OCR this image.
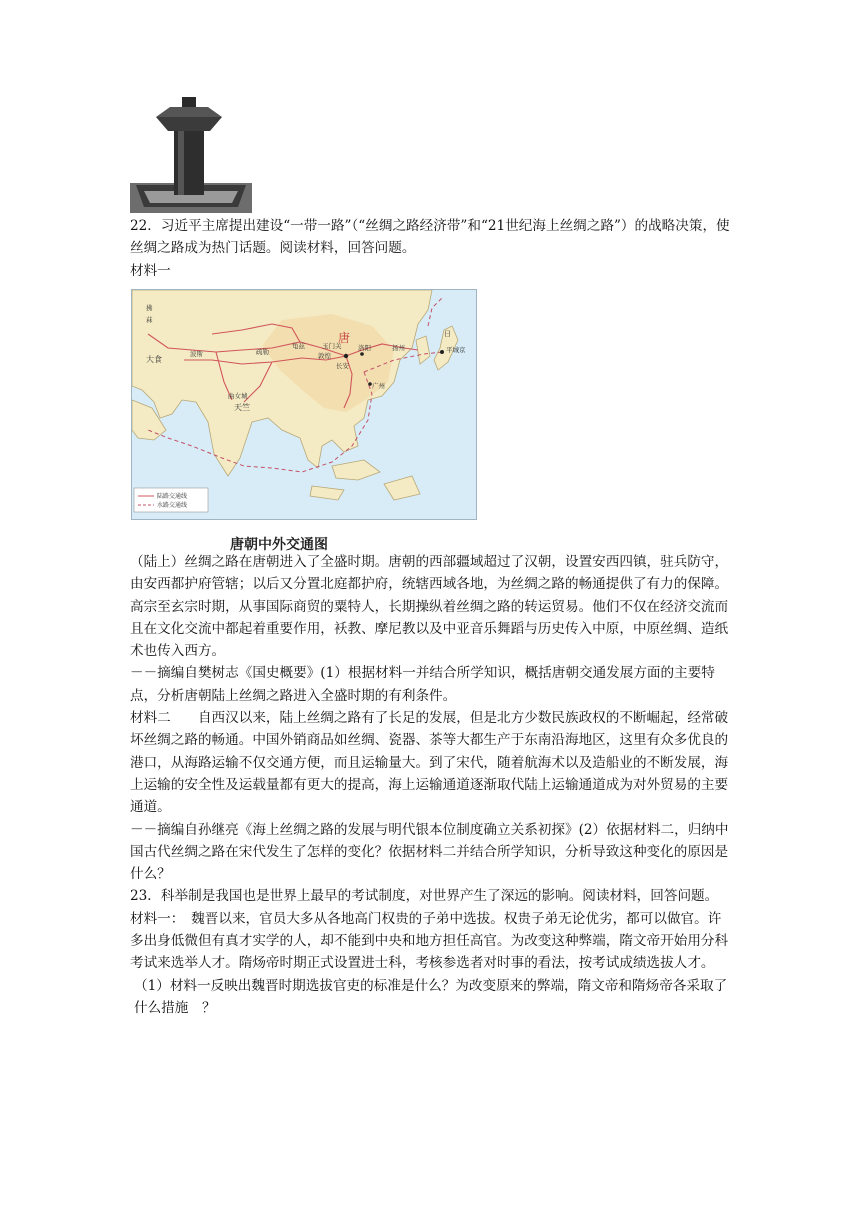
22．习近平主席提出建设“一带一路”（“丝绸之路经济带”和“21世纪海上丝绸之路”）的战略决策，使丝绸之路成为热门话题。阅读材料，回答问题。

材料一

唐
长安
洛阳
敦煌
玉门关
天竺
曲女城
大食
波斯
日
平城京
广州
扬州
龟兹
疏勒
拂
菻
陆路交通线
水路交通线
唐朝中外交通图

（陆上）丝绸之路在唐朝进入了全盛时期。唐朝的西部疆域超过了汉朝，设置安西四镇，驻兵防守，由安西都护府管辖；以后又分置北庭都护府，统辖西域各地，为丝绸之路的畅通提供了有力的保障。高宗至玄宗时期，从事国际商贸的粟特人，长期操纵着丝绸之路的转运贸易。他们不仅在经济交流而且在文化交流中都起着重要作用，袄教、摩尼教以及中亚音乐舞蹈与历史传入中原，中原丝绸、造纸术也传入西方。

－－摘编自樊树志《国史概要》(1）根据材料一并结合所学知识，概括唐朝交通发展方面的主要特点，分析唐朝陆上丝绸之路进入全盛时期的有利条件。

材料二　　自西汉以来，陆上丝绸之路有了长足的发展，但是北方少数民族政权的不断崛起，经常破坏丝绸之路的畅通。中国外销商品如丝绸、瓷器、茶等大都生产于东南沿海地区，这里有众多优良的港口，从海路运输不仅交通方便，而且运输量大。到了宋代，随着航海术以及造船业的不断发展，海上运输的安全性及运载量都有更大的提高，海上运输通道逐渐取代陆上运输通道成为对外贸易的主要通道。

－－摘编自孙继亮《海上丝绸之路的发展与明代银本位制度确立关系初探》(2）依据材料二，归纳中国古代丝绸之路在宋代发生了怎样的变化？依据材料二并结合所学知识，分析导致这种变化的原因是什么？

23．科举制是我国也是世界上最早的考试制度，对世界产生了深远的影响。阅读材料，回答问题。

材料一：　魏晋以来，官员大多从各地高门权贵的子弟中选拔。权贵子弟无论优劣，都可以做官。许多出身低微但有真才实学的人，却不能到中央和地方担任高官。为改变这种弊端，隋文帝开始用分科考试来选举人才。隋炀帝时期正式设置进士科，考核参选者对时事的看法，按考试成绩选拔人才。

（1）材料一反映出魏晋时期选拔官吏的标准是什么？为改变原来的弊端，隋文帝和隋炀帝各采取了什么措施　？
